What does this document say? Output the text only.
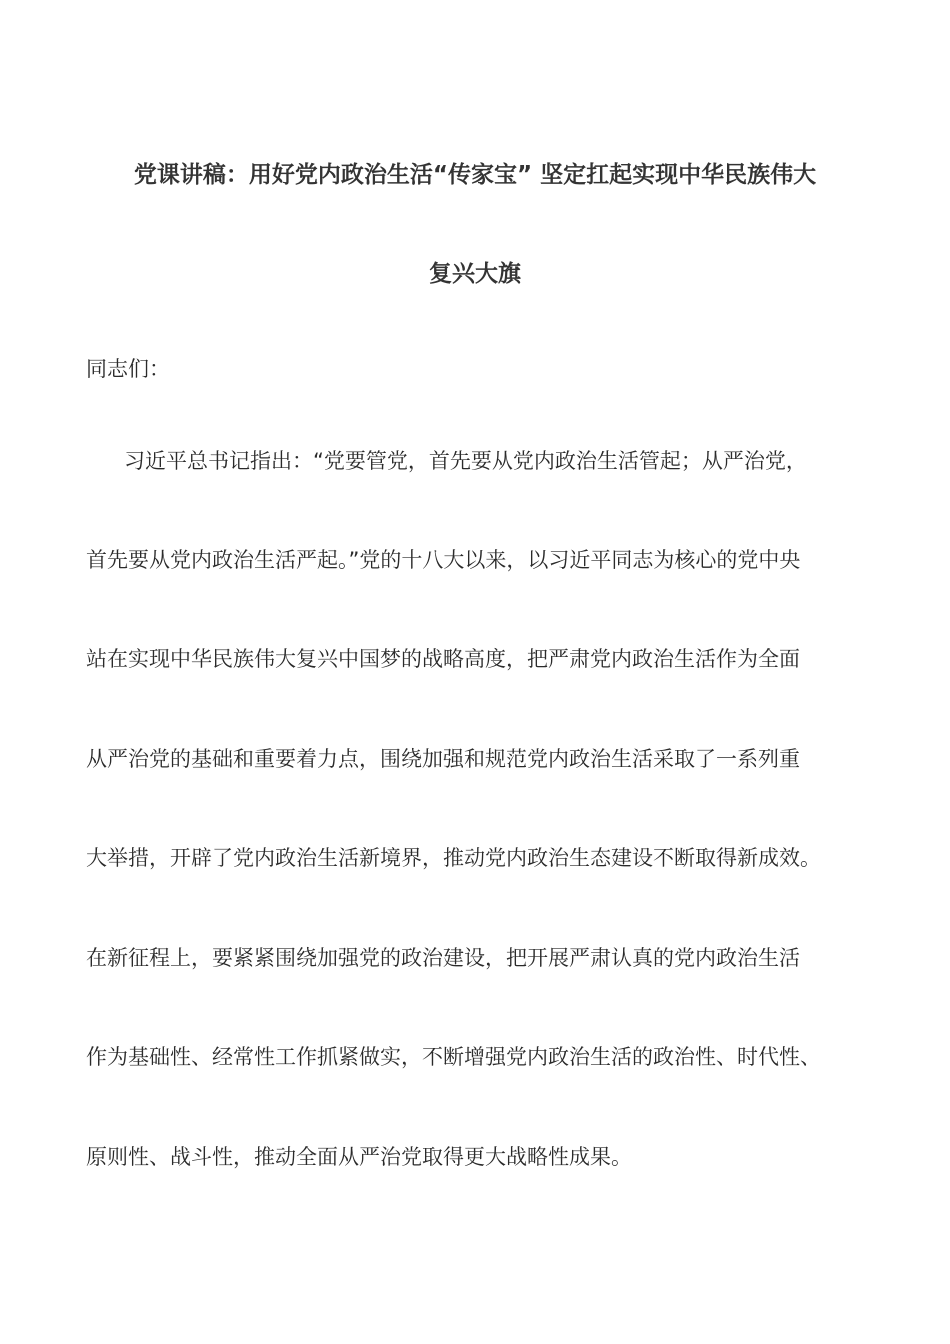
党课讲稿：用好党内政治生活“传家宝” 坚定扛起实现中华民族伟大
复兴大旗
同志们：
习近平总书记指出：“党要管党，首先要从党内政治生活管起；从严治党，
首先要从党内政治生活严起。”党的十八大以来，以习近平同志为核心的党中央
站在实现中华民族伟大复兴中国梦的战略高度，把严肃党内政治生活作为全面
从严治党的基础和重要着力点，围绕加强和规范党内政治生活采取了一系列重
大举措，开辟了党内政治生活新境界，推动党内政治生态建设不断取得新成效。
在新征程上，要紧紧围绕加强党的政治建设，把开展严肃认真的党内政治生活
作为基础性、经常性工作抓紧做实，不断增强党内政治生活的政治性、时代性、
原则性、战斗性，推动全面从严治党取得更大战略性成果。
